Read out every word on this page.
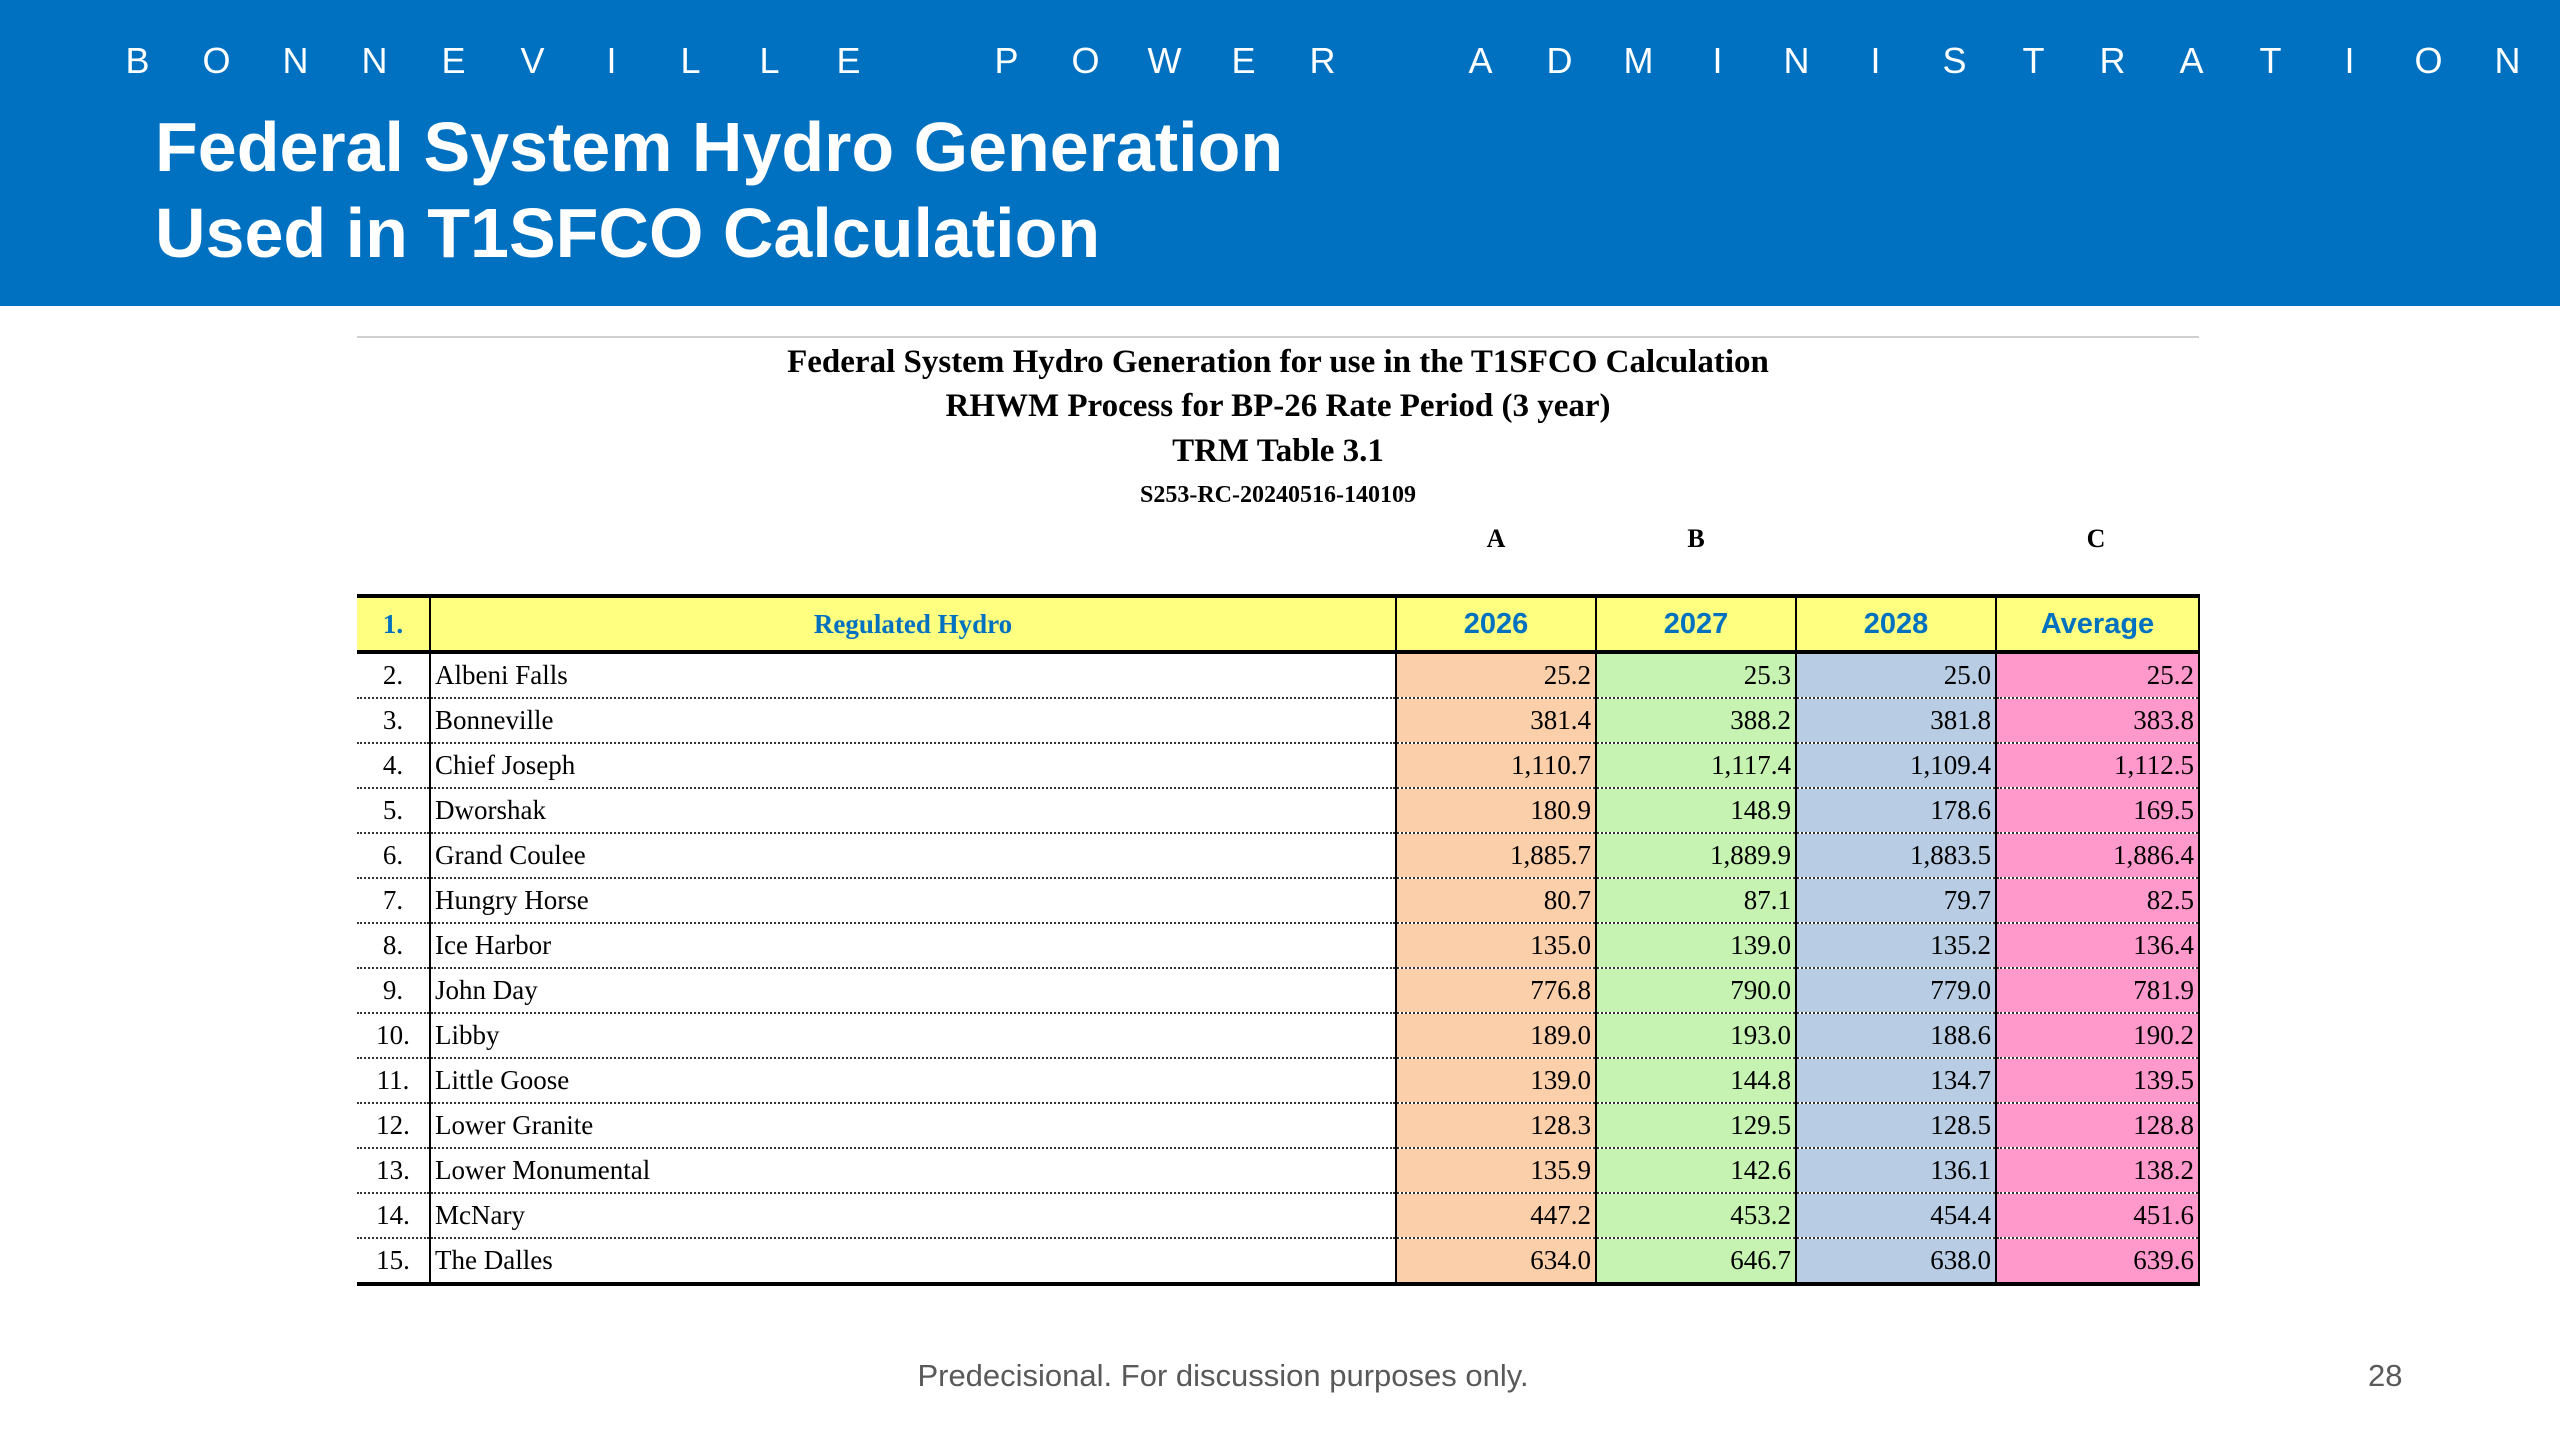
B	O	N	N	E	V	I	L	L	E	P	O	W	E	R	A	D	M	I	N	I	S	T	R	A	T	I	O	N
Federal System Hydro Generation
Used in T1SFCO Calculation
Federal System Hydro Generation for use in the T1SFCO Calculation
RHWM Process for BP-26 Rate Period (3 year)
TRM Table 3.1
S253-RC-20240516-140109
A	B	C
1.	Regulated Hydro	2026	2027	2028	Average
2.	Albeni Falls	25.2	25.3	25.0	25.2
3.	Bonneville	381.4	388.2	381.8	383.8
4.	Chief Joseph	1,110.7	1,117.4	1,109.4	1,112.5
5.	Dworshak	180.9	148.9	178.6	169.5
6.	Grand Coulee	1,885.7	1,889.9	1,883.5	1,886.4
7.	Hungry Horse	80.7	87.1	79.7	82.5
8.	Ice Harbor	135.0	139.0	135.2	136.4
9.	John Day	776.8	790.0	779.0	781.9
10.	Libby	189.0	193.0	188.6	190.2
11.	Little Goose	139.0	144.8	134.7	139.5
12.	Lower Granite	128.3	129.5	128.5	128.8
13.	Lower Monumental	135.9	142.6	136.1	138.2
14.	McNary	447.2	453.2	454.4	451.6
15.	The Dalles	634.0	646.7	638.0	639.6
Predecisional. For discussion purposes only.	28
